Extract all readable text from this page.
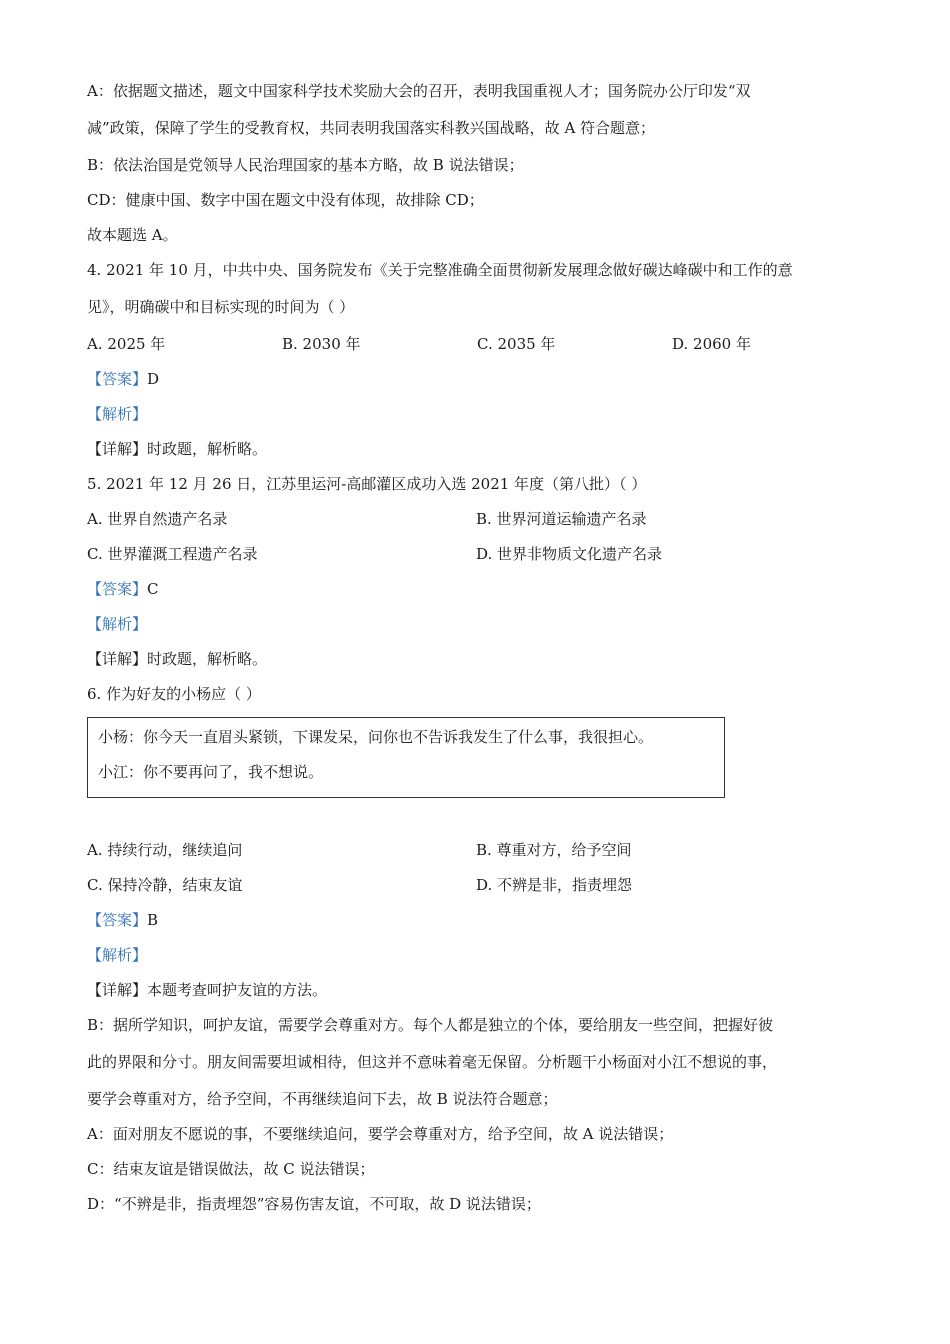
A：依据题文描述，题文中国家科学技术奖励大会的召开，表明我国重视人才；国务院办公厅印发“双
减”政策，保障了学生的受教育权，共同表明我国落实科教兴国战略，故 A 符合题意；
B：依法治国是党领导人民治理国家的基本方略，故 B 说法错误；
CD：健康中国、数字中国在题文中没有体现，故排除 CD；
故本题选 A。
4. 2021 年 10 月，中共中央、国务院发布《关于完整准确全面贯彻新发展理念做好碳达峰碳中和工作的意
见》，明确碳中和目标实现的时间为（ ）
A. 2025 年	B. 2030 年	C. 2035 年	D. 2060 年
【答案】D
【解析】
【详解】时政题，解析略。
5. 2021 年 12 月 26 日，江苏里运河-高邮灌区成功入选 2021 年度（第八批）（ ）
A. 世界自然遗产名录	B. 世界河道运输遗产名录
C. 世界灌溉工程遗产名录	D. 世界非物质文化遗产名录
【答案】C
【解析】
【详解】时政题，解析略。
6. 作为好友的小杨应（ ）
小杨：你今天一直眉头紧锁，下课发呆，问你也不告诉我发生了什么事，我很担心。
小江：你不要再问了，我不想说。
A. 持续行动，继续追问	B. 尊重对方，给予空间
C. 保持冷静，结束友谊	D. 不辨是非，指责埋怨
【答案】B
【解析】
【详解】本题考查呵护友谊的方法。
B：据所学知识，呵护友谊，需要学会尊重对方。每个人都是独立的个体，要给朋友一些空间，把握好彼
此的界限和分寸。朋友间需要坦诚相待，但这并不意味着毫无保留。分析题干小杨面对小江不想说的事，
要学会尊重对方，给予空间，不再继续追问下去，故 B 说法符合题意；
A：面对朋友不愿说的事，不要继续追问，要学会尊重对方，给予空间，故 A 说法错误；
C：结束友谊是错误做法，故 C 说法错误；
D：“不辨是非，指责埋怨”容易伤害友谊，不可取，故 D 说法错误；
